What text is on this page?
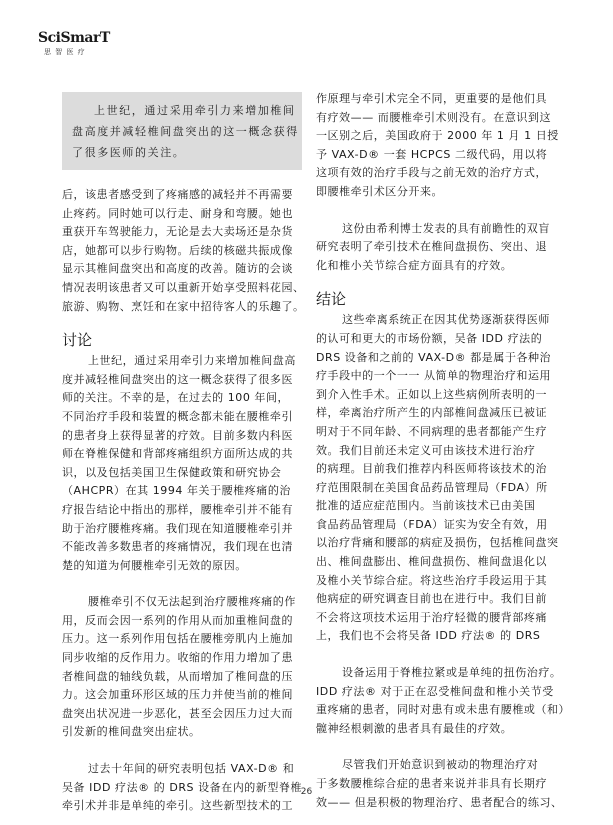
SciSmarT
思 智 医 疗
上世纪，通过采用牵引力来增加椎间
盘高度并减轻椎间盘突出的这一概念获得
了很多医师的关注。
后，该患者感受到了疼痛感的减轻并不再需要
止疼药。同时她可以行走、耐身和弯腰。她也
重获开车驾驶能力，无论是去大卖场还是杂货
店，她都可以步行购物。后续的核磁共振成像
显示其椎间盘突出和高度的改善。随访的会谈
情况表明该患者又可以重新开始享受照料花园、
旅游、购物、烹饪和在家中招待客人的乐趣了。
讨论
上世纪，通过采用牵引力来增加椎间盘高
度并减轻椎间盘突出的这一概念获得了很多医
师的关注。不幸的是，在过去的 100 年间，
不同治疗手段和装置的概念都未能在腰椎牵引
的患者身上获得显著的疗效。目前多数内科医
师在脊椎保健和背部疼痛组织方面所达成的共
识，以及包括美国卫生保健政策和研究协会
（AHCPR）在其 1994 年关于腰椎疼痛的治
疗报告结论中指出的那样，腰椎牵引并不能有
助于治疗腰椎疼痛。我们现在知道腰椎牵引并
不能改善多数患者的疼痛情况，我们现在也清
楚的知道为何腰椎牵引无效的原因。
腰椎牵引不仅无法起到治疗腰椎疼痛的作
用，反而会因一系列的作用从而加重椎间盘的
压力。这一系列作用包括在腰椎旁肌内上施加
同步收缩的反作用力。收缩的作用力增加了患
者椎间盘的轴线负载，从而增加了椎间盘的压
力。这会加重环形区域的压力并使当前的椎间
盘突出状况进一步恶化，甚至会因压力过大而
引发新的椎间盘突出症状。
过去十年间的研究表明包括 VAX-D® 和
吴备 IDD 疗法® 的 DRS 设备在内的新型脊椎
牵引术并非是单纯的牵引。这些新型技术的工
作原理与牵引术完全不同，更重要的是他们具
有疗效—— 而腰椎牵引术则没有。在意识到这
一区别之后，美国政府于 2000 年 1 月 1 日授
予 VAX-D® 一套 HCPCS 二级代码，用以将
这项有效的治疗手段与之前无效的治疗方式，
即腰椎牵引术区分开来。
这份由希利博士发表的具有前瞻性的双盲
研究表明了牵引技术在椎间盘损伤、突出、退
化和椎小关节综合症方面具有的疗效。
结论
这些牵离系统正在因其优势逐渐获得医师
的认可和更大的市场份额，吴备 IDD 疗法的
DRS 设备和之前的 VAX-D® 都是属于各种治
疗手段中的一个一一 从简单的物理治疗和运用
到介入性手术。正如以上这些病例所表明的一
样，牵离治疗所产生的内部椎间盘减压已被证
明对于不同年龄、不同病理的患者都能产生疗
效。我们目前还未定义可由该技术进行治疗
的病理。目前我们推荐内科医师将该技术的治
疗范围限制在美国食品药品管理局（FDA）所
批准的适应症范围内。当前该技术已由美国
食品药品管理局（FDA）证实为安全有效，用
以治疗背痛和腰部的病症及损伤，包括椎间盘突
出、椎间盘膨出、椎间盘损伤、椎间盘退化以
及椎小关节综合症。将这些治疗手段运用于其
他病症的研究调查目前也在进行中。我们目前
不会将这项技术运用于治疗轻微的腰背部疼痛
上，我们也不会将吴备 IDD 疗法® 的 DRS
设备运用于脊椎拉紧或是单纯的扭伤治疗。
IDD 疗法® 对于正在忍受椎间盘和椎小关节受
重疼痛的患者，同时对患有或未患有腰椎或（和）
髋神经根刺激的患者具有最佳的疗效。
尽管我们开始意识到被动的物理治疗对
于多数腰椎综合症的患者来说并非具有长期疗
效—— 但是积极的物理治疗、患者配合的练习、
26
